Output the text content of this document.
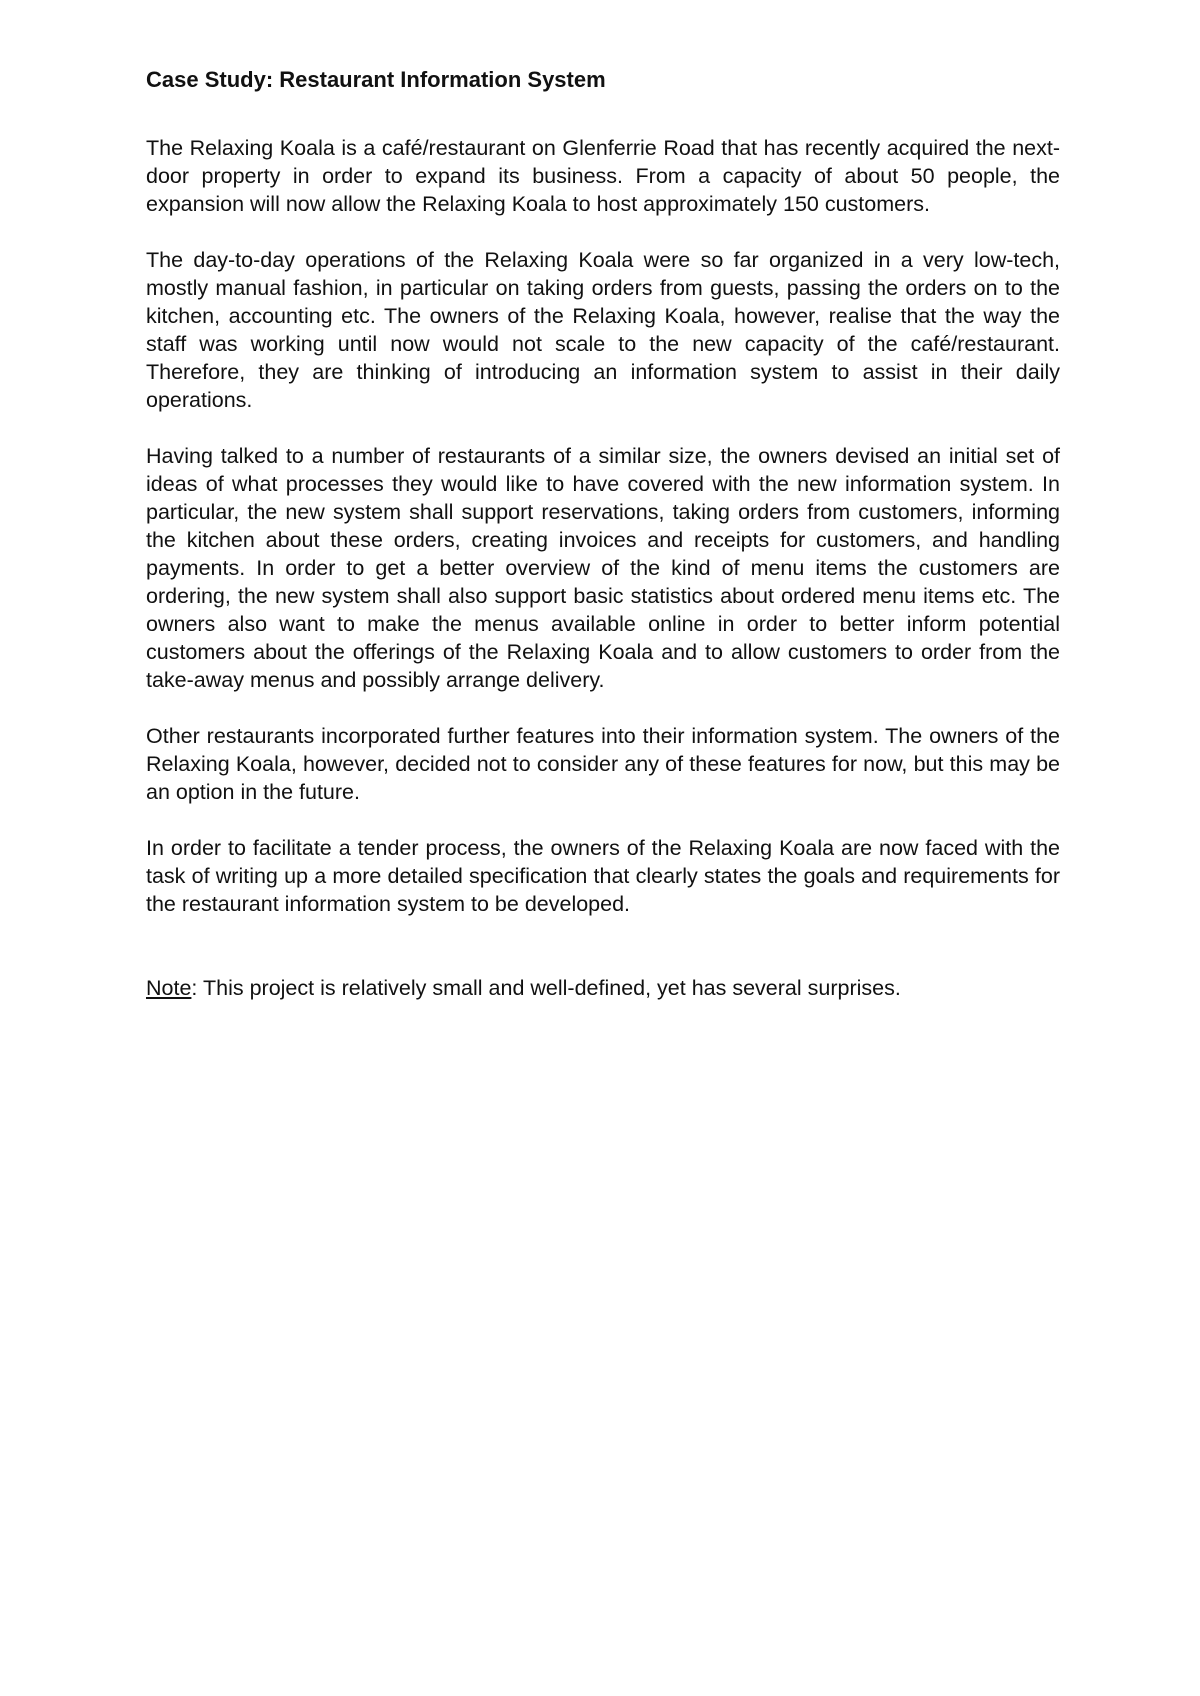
Case Study: Restaurant Information System

The Relaxing Koala is a café/restaurant on Glenferrie Road that has recently acquired the next-door property in order to expand its business. From a capacity of about 50 people, the expansion will now allow the Relaxing Koala to host approximately 150 customers.

The day-to-day operations of the Relaxing Koala were so far organized in a very low-tech, mostly manual fashion, in particular on taking orders from guests, passing the orders on to the kitchen, accounting etc. The owners of the Relaxing Koala, however, realise that the way the staff was working until now would not scale to the new capacity of the café/restaurant. Therefore, they are thinking of introducing an information system to assist in their daily operations.

Having talked to a number of restaurants of a similar size, the owners devised an initial set of ideas of what processes they would like to have covered with the new information system. In particular, the new system shall support reservations, taking orders from customers, informing the kitchen about these orders, creating invoices and receipts for customers, and handling payments. In order to get a better overview of the kind of menu items the customers are ordering, the new system shall also support basic statistics about ordered menu items etc. The owners also want to make the menus available online in order to better inform potential customers about the offerings of the Relaxing Koala and to allow customers to order from the take-away menus and possibly arrange delivery.

Other restaurants incorporated further features into their information system. The owners of the Relaxing Koala, however, decided not to consider any of these features for now, but this may be an option in the future.

In order to facilitate a tender process, the owners of the Relaxing Koala are now faced with the task of writing up a more detailed specification that clearly states the goals and requirements for the restaurant information system to be developed.

Note: This project is relatively small and well-defined, yet has several surprises.
